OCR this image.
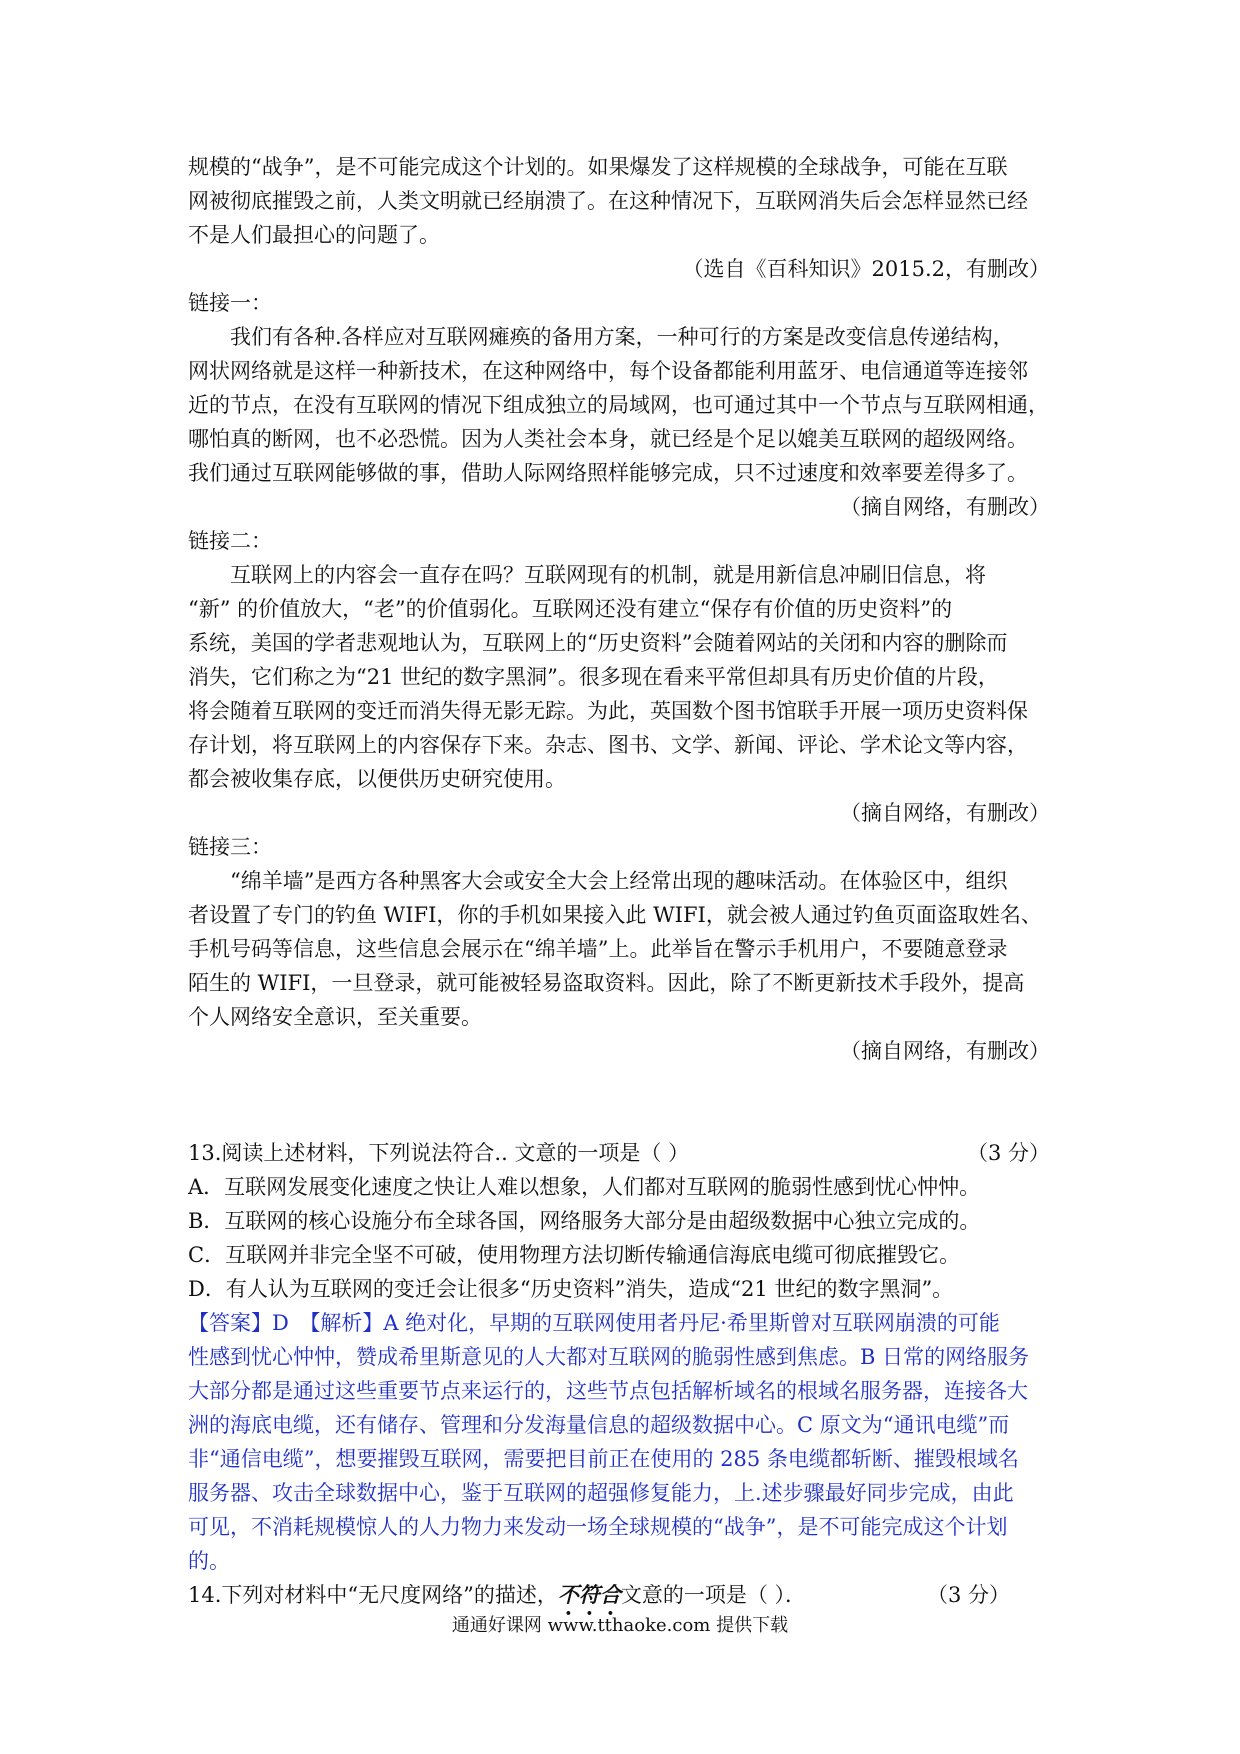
规模的“战争”，是不可能完成这个计划的。如果爆发了这样规模的全球战争，可能在互联
网被彻底摧毁之前，人类文明就已经崩溃了。在这种情况下，互联网消失后会怎样显然已经
不是人们最担心的问题了。
（选自《百科知识》2015.2，有删改）
链接一：
我们有各种.各样应对互联网瘫痪的备用方案，一种可行的方案是改变信息传递结构，
网状网络就是这样一种新技术，在这种网络中，每个设备都能利用蓝牙、电信通道等连接邻
近的节点，在没有互联网的情况下组成独立的局域网，也可通过其中一个节点与互联网相通，
哪怕真的断网，也不必恐慌。因为人类社会本身，就已经是个足以媲美互联网的超级网络。
我们通过互联网能够做的事，借助人际网络照样能够完成，只不过速度和效率要差得多了。
（摘自网络，有删改）
链接二：
互联网上的内容会一直存在吗？互联网现有的机制，就是用新信息冲刷旧信息，将
“新” 的价值放大，“老”的价值弱化。互联网还没有建立“保存有价值的历史资料”的
系统，美国的学者悲观地认为，互联网上的“历史资料”会随着网站的关闭和内容的删除而
消失，它们称之为“21 世纪的数字黑洞”。很多现在看来平常但却具有历史价值的片段，
将会随着互联网的变迁而消失得无影无踪。为此，英国数个图书馆联手开展一项历史资料保
存计划，将互联网上的内容保存下来。杂志、图书、文学、新闻、评论、学术论文等内容，
都会被收集存底，以便供历史研究使用。
（摘自网络，有删改）
链接三：
“绵羊墙”是西方各种黑客大会或安全大会上经常出现的趣味活动。在体验区中，组织
者设置了专门的钓鱼 WIFI，你的手机如果接入此 WIFI，就会被人通过钓鱼页面盗取姓名、
手机号码等信息，这些信息会展示在“绵羊墙”上。此举旨在警示手机用户，不要随意登录
陌生的 WIFI，一旦登录，就可能被轻易盗取资料。因此，除了不断更新技术手段外，提高
个人网络安全意识，至关重要。
（摘自网络，有删改）
13.阅读上述材料，下列说法符合.. 文意的一项是（ ）	（3 分）
A．互联网发展变化速度之快让人难以想象，人们都对互联网的脆弱性感到忧心忡忡。
B．互联网的核心设施分布全球各国，网络服务大部分是由超级数据中心独立完成的。
C．互联网并非完全坚不可破，使用物理方法切断传输通信海底电缆可彻底摧毁它。
D．有人认为互联网的变迁会让很多“历史资料”消失，造成“21 世纪的数字黑洞”。
【答案】D　【解析】A 绝对化，早期的互联网使用者丹尼·希里斯曾对互联网崩溃的可能
性感到忧心忡忡，赞成希里斯意见的人大都对互联网的脆弱性感到焦虑。B 日常的网络服务
大部分都是通过这些重要节点来运行的，这些节点包括解析域名的根域名服务器，连接各大
洲的海底电缆，还有储存、管理和分发海量信息的超级数据中心。C 原文为“通讯电缆”而
非“通信电缆”，想要摧毁互联网，需要把目前正在使用的 285 条电缆都斩断、摧毁根域名
服务器、攻击全球数据中心，鉴于互联网的超强修复能力，上.述步骤最好同步完成，由此
可见，不消耗规模惊人的人力物力来发动一场全球规模的“战争”，是不可能完成这个计划
的。
14.下列对材料中“无尺度网络”的描述，不符合文意的一项是（ ）．	（3 分）
通通好课网 www.tthaoke.com 提供下载
